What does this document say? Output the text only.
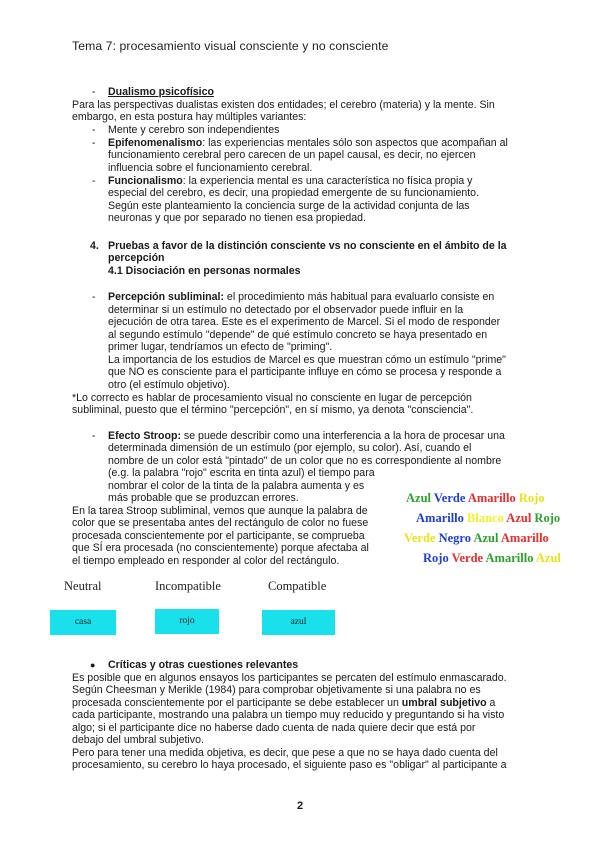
Tema 7: procesamiento visual consciente y no consciente
- Dualismo psicofísico
Para las perspectivas dualistas existen dos entidades; el cerebro (materia) y la mente. Sin
embargo, en esta postura hay múltiples variantes:
- Mente y cerebro son independientes
- Epifenomenalismo: las experiencias mentales sólo son aspectos que acompañan al
funcionamiento cerebral pero carecen de un papel causal, es decir, no ejercen
influencia sobre el funcionamiento cerebral.
- Funcionalismo: la experiencia mental es una característica no física propia y
especial del cerebro, es decir, una propiedad emergente de su funcionamiento.
Según este planteamiento la conciencia surge de la actividad conjunta de las
neuronas y que por separado no tienen esa propiedad.
4. Pruebas a favor de la distinción consciente vs no consciente en el ámbito de la
percepción
4.1 Disociación en personas normales
- Percepción subliminal: el procedimiento más habitual para evaluarlo consiste en
determinar si un estímulo no detectado por el observador puede influir en la
ejecución de otra tarea. Este es el experimento de Marcel. Si el modo de responder
al segundo estímulo "depende" de qué estímulo concreto se haya presentado en
primer lugar, tendríamos un efecto de "priming".
La importancia de los estudios de Marcel es que muestran cómo un estímulo "prime"
que NO es consciente para el participante influye en cómo se procesa y responde a
otro (el estímulo objetivo).
*Lo correcto es hablar de procesamiento visual no consciente en lugar de percepción
subliminal, puesto que el término "percepción", en sí mismo, ya denota "consciencia".
- Efecto Stroop: se puede describir como una interferencia a la hora de procesar una
determinada dimensión de un estímulo (por ejemplo, su color). Así, cuando el
nombre de un color está "pintado" de un color que no es correspondiente al nombre
(e.g. la palabra "rojo" escrita en tinta azul) el tiempo para
nombrar el color de la tinta de la palabra aumenta y es
más probable que se produzcan errores.
En la tarea Stroop subliminal, vemos que aunque la palabra de
color que se presentaba antes del rectángulo de color no fuese
procesada conscientemente por el participante, se comprueba
que SÍ era procesada (no conscientemente) porque afectaba al
el tiempo empleado en responder al color del rectángulo.
Azul Verde Amarillo Rojo
Amarillo Blanco Azul Rojo
Verde Negro Azul Amarillo
Rojo Verde Amarillo Azul
Neutral	Incompatible	Compatible
casa	rojo	azul
● Críticas y otras cuestiones relevantes
Es posible que en algunos ensayos los participantes se percaten del estímulo enmascarado.
Según Cheesman y Merikle (1984) para comprobar objetivamente si una palabra no es
procesada conscientemente por el participante se debe establecer un umbral subjetivo a
cada participante, mostrando una palabra un tiempo muy reducido y preguntando si ha visto
algo; si el participante dice no haberse dado cuenta de nada quiere decir que está por
debajo del umbral subjetivo.
Pero para tener una medida objetiva, es decir, que pese a que no se haya dado cuenta del
procesamiento, su cerebro lo haya procesado, el siguiente paso es "obligar" al participante a
2
